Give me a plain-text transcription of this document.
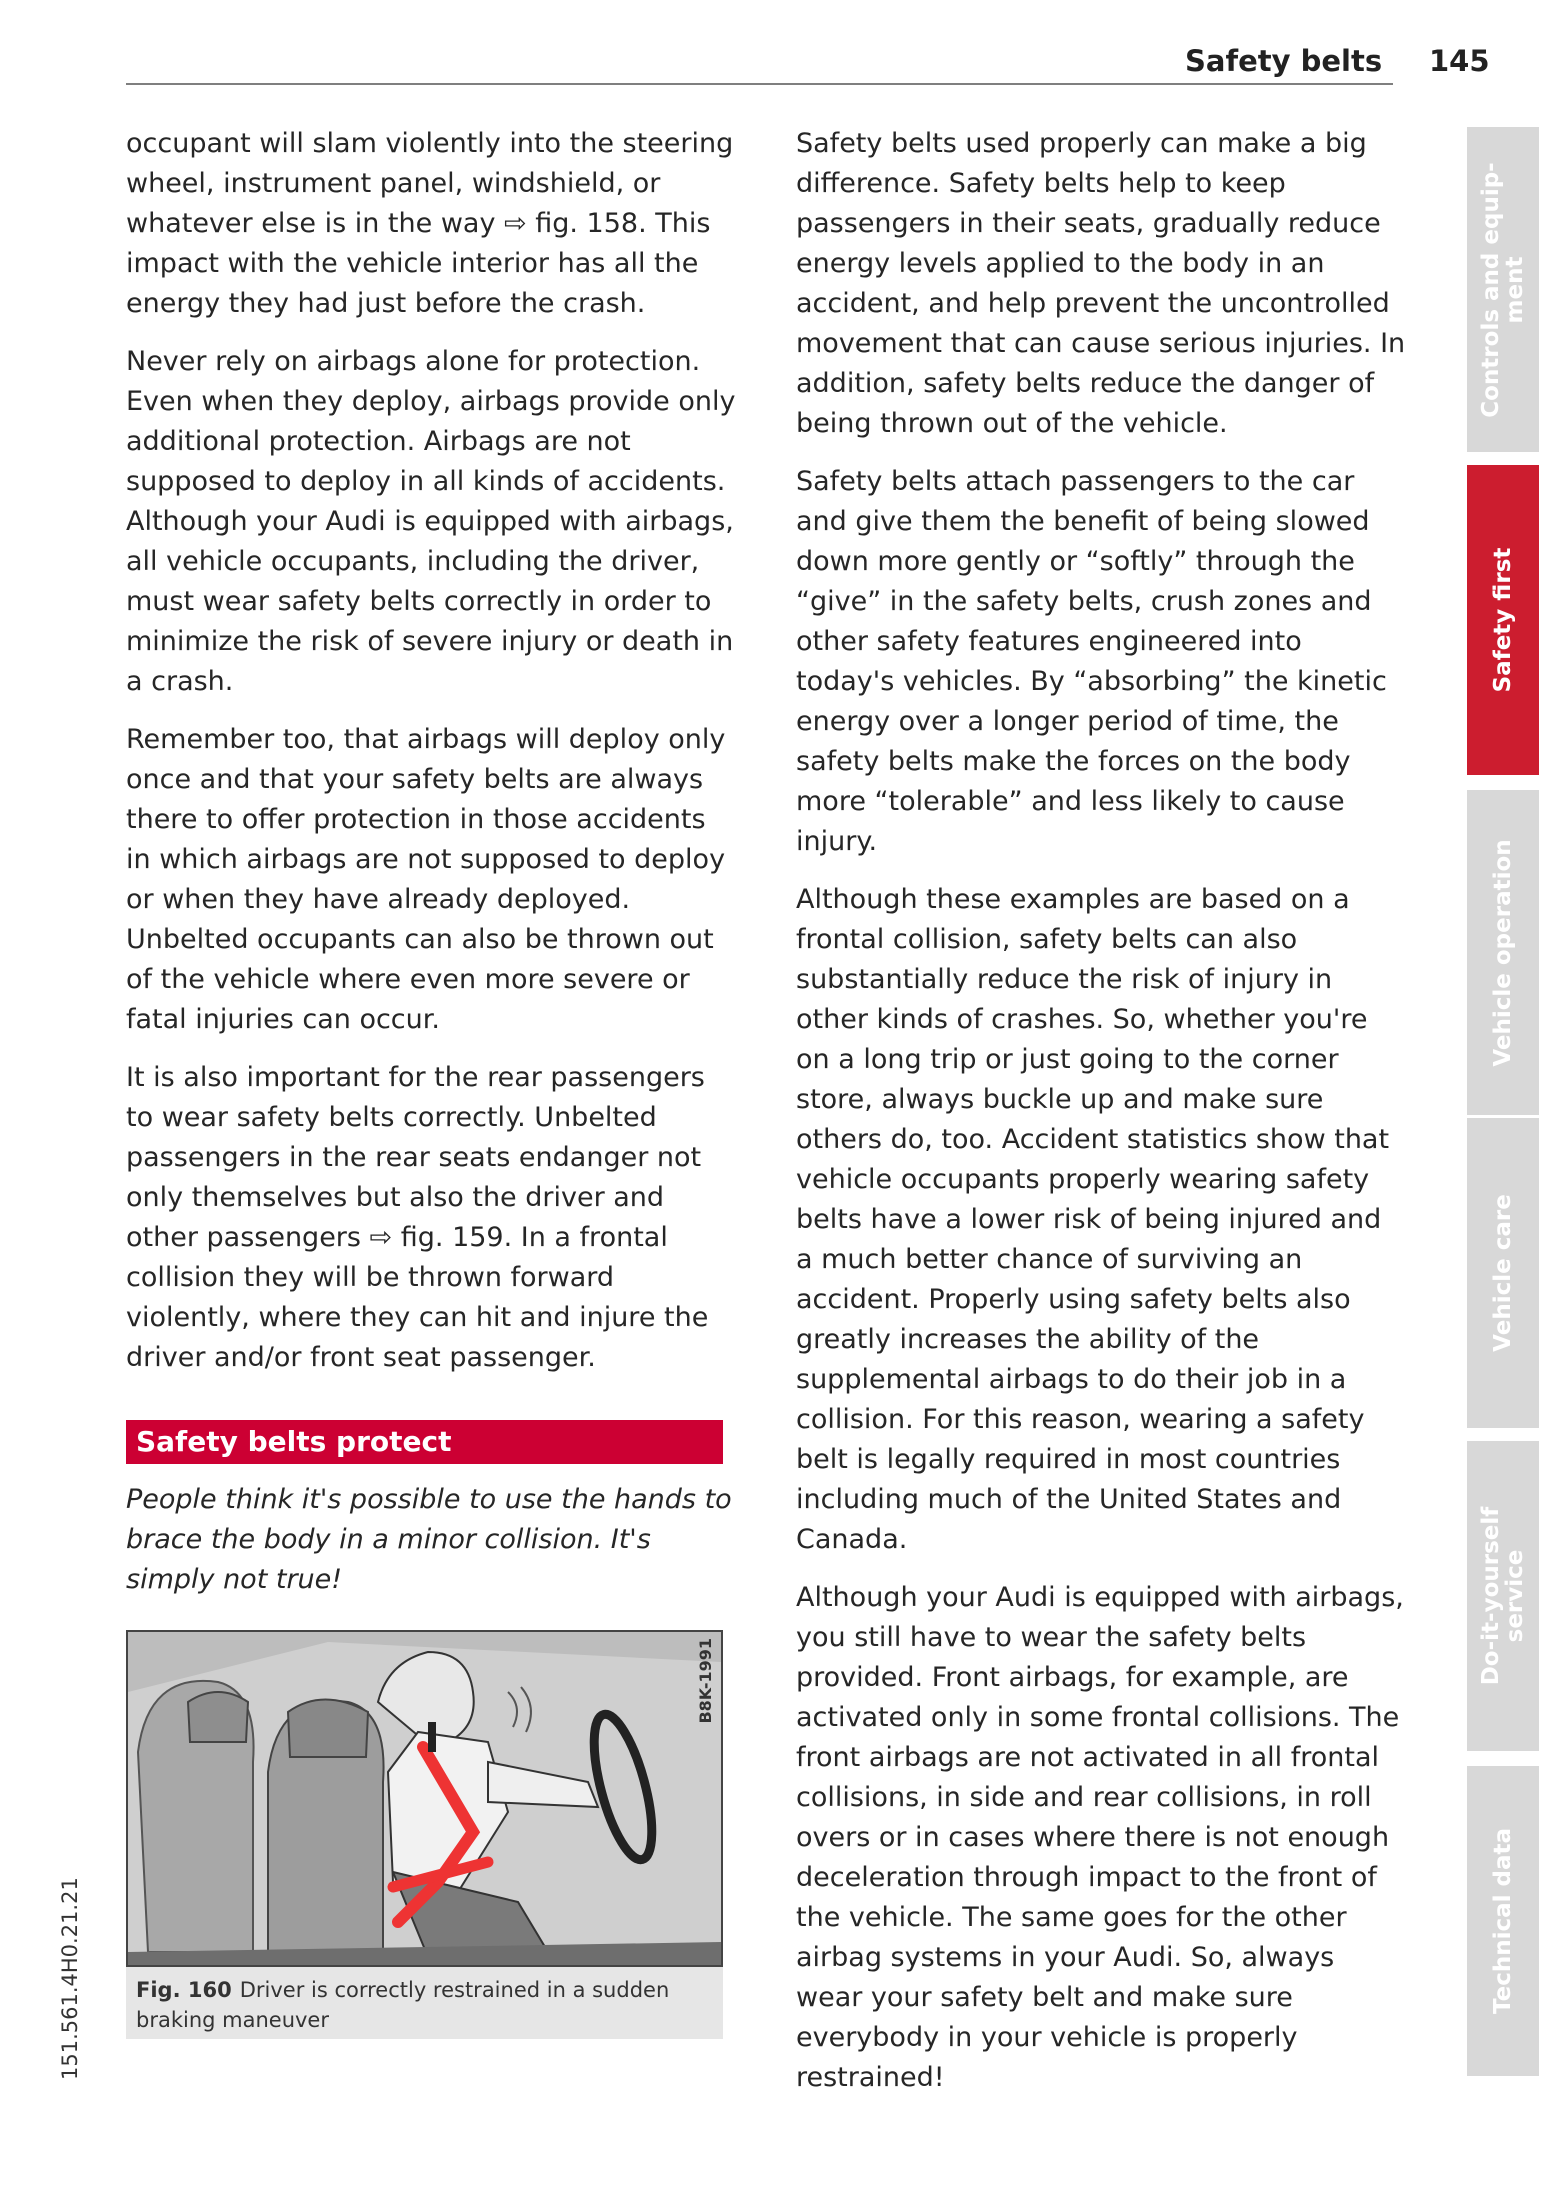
Safety belts 145

occupant will slam violently into the steering wheel, instrument panel, windshield, or whatever else is in the way ⇨ fig. 158. This impact with the vehicle interior has all the energy they had just before the crash.

Never rely on airbags alone for protection. Even when they deploy, airbags provide only additional protection. Airbags are not supposed to deploy in all kinds of accidents. Although your Audi is equipped with airbags, all vehicle occupants, including the driver, must wear safety belts correctly in order to minimize the risk of severe injury or death in a crash.

Remember too, that airbags will deploy only once and that your safety belts are always there to offer protection in those accidents in which airbags are not supposed to deploy or when they have already deployed. Unbelted occupants can also be thrown out of the vehicle where even more severe or fatal injuries can occur.

It is also important for the rear passengers to wear safety belts correctly. Unbelted passengers in the rear seats endanger not only themselves but also the driver and other passengers ⇨ fig. 159. In a frontal collision they will be thrown forward violently, where they can hit and injure the driver and/or front seat passenger.

Safety belts protect
People think it's possible to use the hands to brace the body in a minor collision. It's simply not true!
B8K-1991
Fig. 160 Driver is correctly restrained in a sudden braking maneuver

Safety belts used properly can make a big difference. Safety belts help to keep passengers in their seats, gradually reduce energy levels applied to the body in an accident, and help prevent the uncontrolled movement that can cause serious injuries. In addition, safety belts reduce the danger of being thrown out of the vehicle.

Safety belts attach passengers to the car and give them the benefit of being slowed down more gently or “softly” through the “give” in the safety belts, crush zones and other safety features engineered into today's vehicles. By “absorbing” the kinetic energy over a longer period of time, the safety belts make the forces on the body more “tolerable” and less likely to cause injury.

Although these examples are based on a frontal collision, safety belts can also substantially reduce the risk of injury in other kinds of crashes. So, whether you're on a long trip or just going to the corner store, always buckle up and make sure others do, too. Accident statistics show that vehicle occupants properly wearing safety belts have a lower risk of being injured and a much better chance of surviving an accident. Properly using safety belts also greatly increases the ability of the supplemental airbags to do their job in a collision. For this reason, wearing a safety belt is legally required in most countries including much of the United States and Canada.

Although your Audi is equipped with airbags, you still have to wear the safety belts provided. Front airbags, for example, are activated only in some frontal collisions. The front airbags are not activated in all frontal collisions, in side and rear collisions, in roll overs or in cases where there is not enough deceleration through impact to the front of the vehicle. The same goes for the other airbag systems in your Audi. So, always wear your safety belt and make sure everybody in your vehicle is properly restrained!

151.561.4H0.21.21
Controls and equip-
ment
Safety first
Vehicle operation
Vehicle care
Do-it-yourself
service
Technical data
